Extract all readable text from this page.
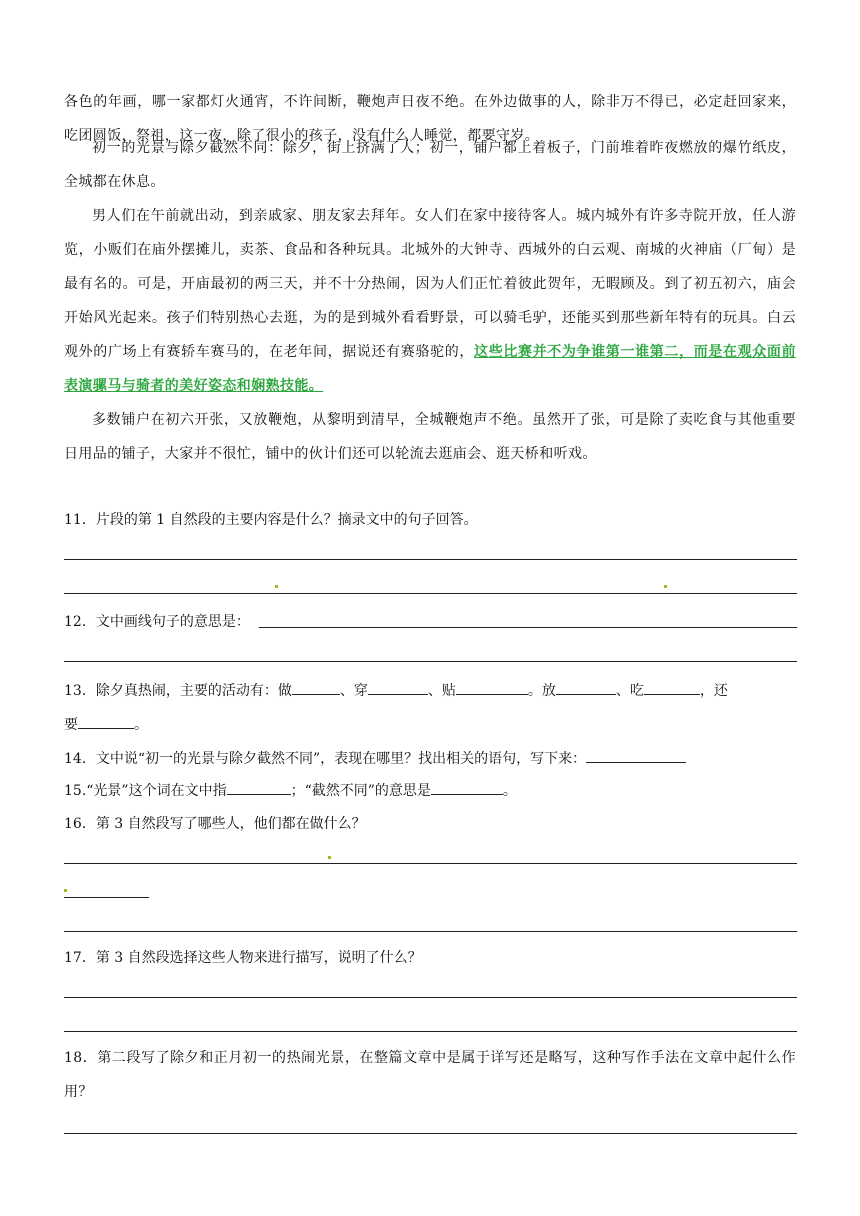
各色的年画，哪一家都灯火通宵，不许间断，鞭炮声日夜不绝。在外边做事的人，除非万不得已，必定赶回家来，吃团圆饭，祭祖，这一夜，除了很小的孩子，没有什么人睡觉，都要守岁。

初一的光景与除夕截然不同：除夕，街上挤满了人；初一，铺户都上着板子，门前堆着昨夜燃放的爆竹纸皮，全城都在休息。

男人们在午前就出动，到亲戚家、朋友家去拜年。女人们在家中接待客人。城内城外有许多寺院开放，任人游览，小贩们在庙外摆摊儿，卖茶、食品和各种玩具。北城外的大钟寺、西城外的白云观、南城的火神庙（厂甸）是最有名的。可是，开庙最初的两三天，并不十分热闹，因为人们正忙着彼此贺年，无暇顾及。到了初五初六，庙会开始风光起来。孩子们特别热心去逛，为的是到城外看看野景，可以骑毛驴，还能买到那些新年特有的玩具。白云观外的广场上有赛轿车赛马的，在老年间，据说还有赛骆驼的，这些比赛并不为争谁第一谁第二，而是在观众面前表演骡马与骑者的美好姿态和娴熟技能。

多数铺户在初六开张，又放鞭炮，从黎明到清早，全城鞭炮声不绝。虽然开了张，可是除了卖吃食与其他重要日用品的铺子，大家并不很忙，铺中的伙计们还可以轮流去逛庙会、逛天桥和听戏。

11．片段的第 1 自然段的主要内容是什么？摘录文中的句子回答。

12．文中画线句子的意思是：

13．除夕真热闹，主要的活动有：做	、穿	、贴	。放	、吃	，还

要	。

14．文中说“初一的光景与除夕截然不同”，表现在哪里？找出相关的语句，写下来：

15.“光景”这个词在文中指	；“截然不同”的意思是	。

16．第 3 自然段写了哪些人，他们都在做什么？

17．第 3 自然段选择这些人物来进行描写，说明了什么？

18．第二段写了除夕和正月初一的热闹光景，在整篇文章中是属于详写还是略写，这种写作手法在文章中起什么作用？
